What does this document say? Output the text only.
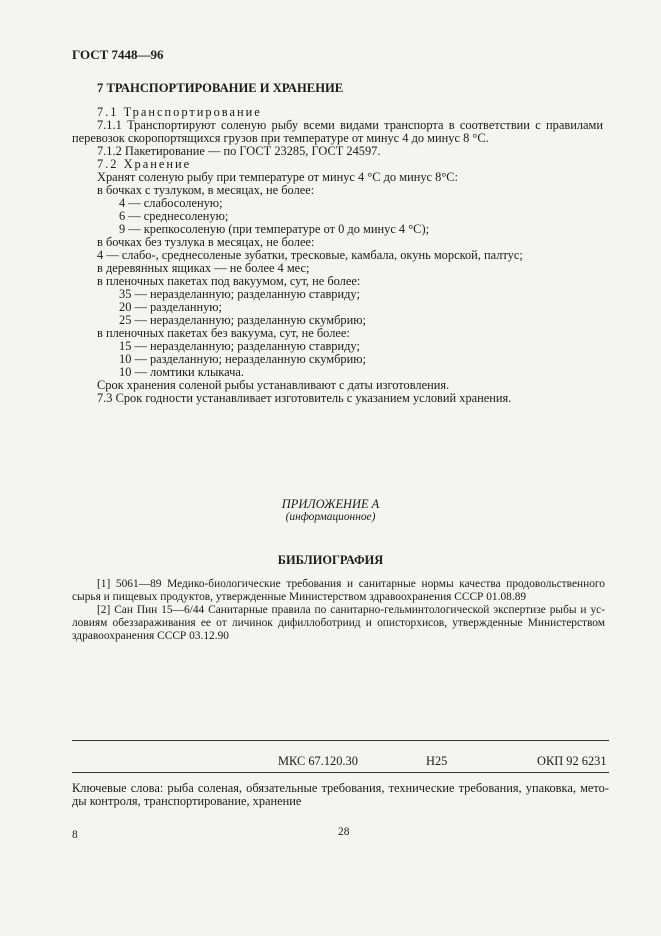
ГОСТ 7448—96
7 ТРАНСПОРТИРОВАНИЕ И ХРАНЕНИЕ
7.1 Транспортирование
7.1.1 Транспортируют соленую рыбу всеми видами транспорта в соответствии с правилами
перевозок скоропортящихся грузов при температуре от минус 4 до минус 8 °С.
7.1.2 Пакетирование — по ГОСТ 23285, ГОСТ 24597.
7.2 Хранение
Хранят соленую рыбу при температуре от минус 4 °С до минус 8°С:
в бочках с тузлуком, в месяцах, не более:
4 — слабосоленую;
6 — среднесоленую;
9 — крепкосоленую (при температуре от 0 до минус 4 °С);
в бочках без тузлука в месяцах, не более:
4 — слабо-, среднесоленые зубатки, тресковые, камбала, окунь морской, палтус;
в деревянных ящиках — не более 4 мес;
в пленочных пакетах под вакуумом, сут, не более:
35 — неразделанную; разделанную ставриду;
20 — разделанную;
25 — неразделанную; разделанную скумбрию;
в пленочных пакетах без вакуума, сут, не более:
15 — неразделанную; разделанную ставриду;
10 — разделанную; неразделанную скумбрию;
10 — ломтики клыкача.
Срок хранения соленой рыбы устанавливают с даты изготовления.
7.3 Срок годности устанавливает изготовитель с указанием условий хранения.
ПРИЛОЖЕНИЕ А
(информационное)
БИБЛИОГРАФИЯ
[1] 5061—89 Медико-биологические требования и санитарные нормы качества продовольственного
сырья и пищевых продуктов, утвержденные Министерством здравоохранения СССР 01.08.89
[2] Сан Пин 15—6/44 Санитарные правила по санитарно-гельминтологической экспертизе рыбы и ус-
ловиям обеззараживания ее от личинок дифиллоботриид и описторхисов, утвержденные Министерством
здравоохранения СССР 03.12.90
МКС 67.120.30	Н25	ОКП 92 6231
Ключевые слова: рыба соленая, обязательные требования, технические требования, упаковка, мето-
ды контроля, транспортирование, хранение
8	28
